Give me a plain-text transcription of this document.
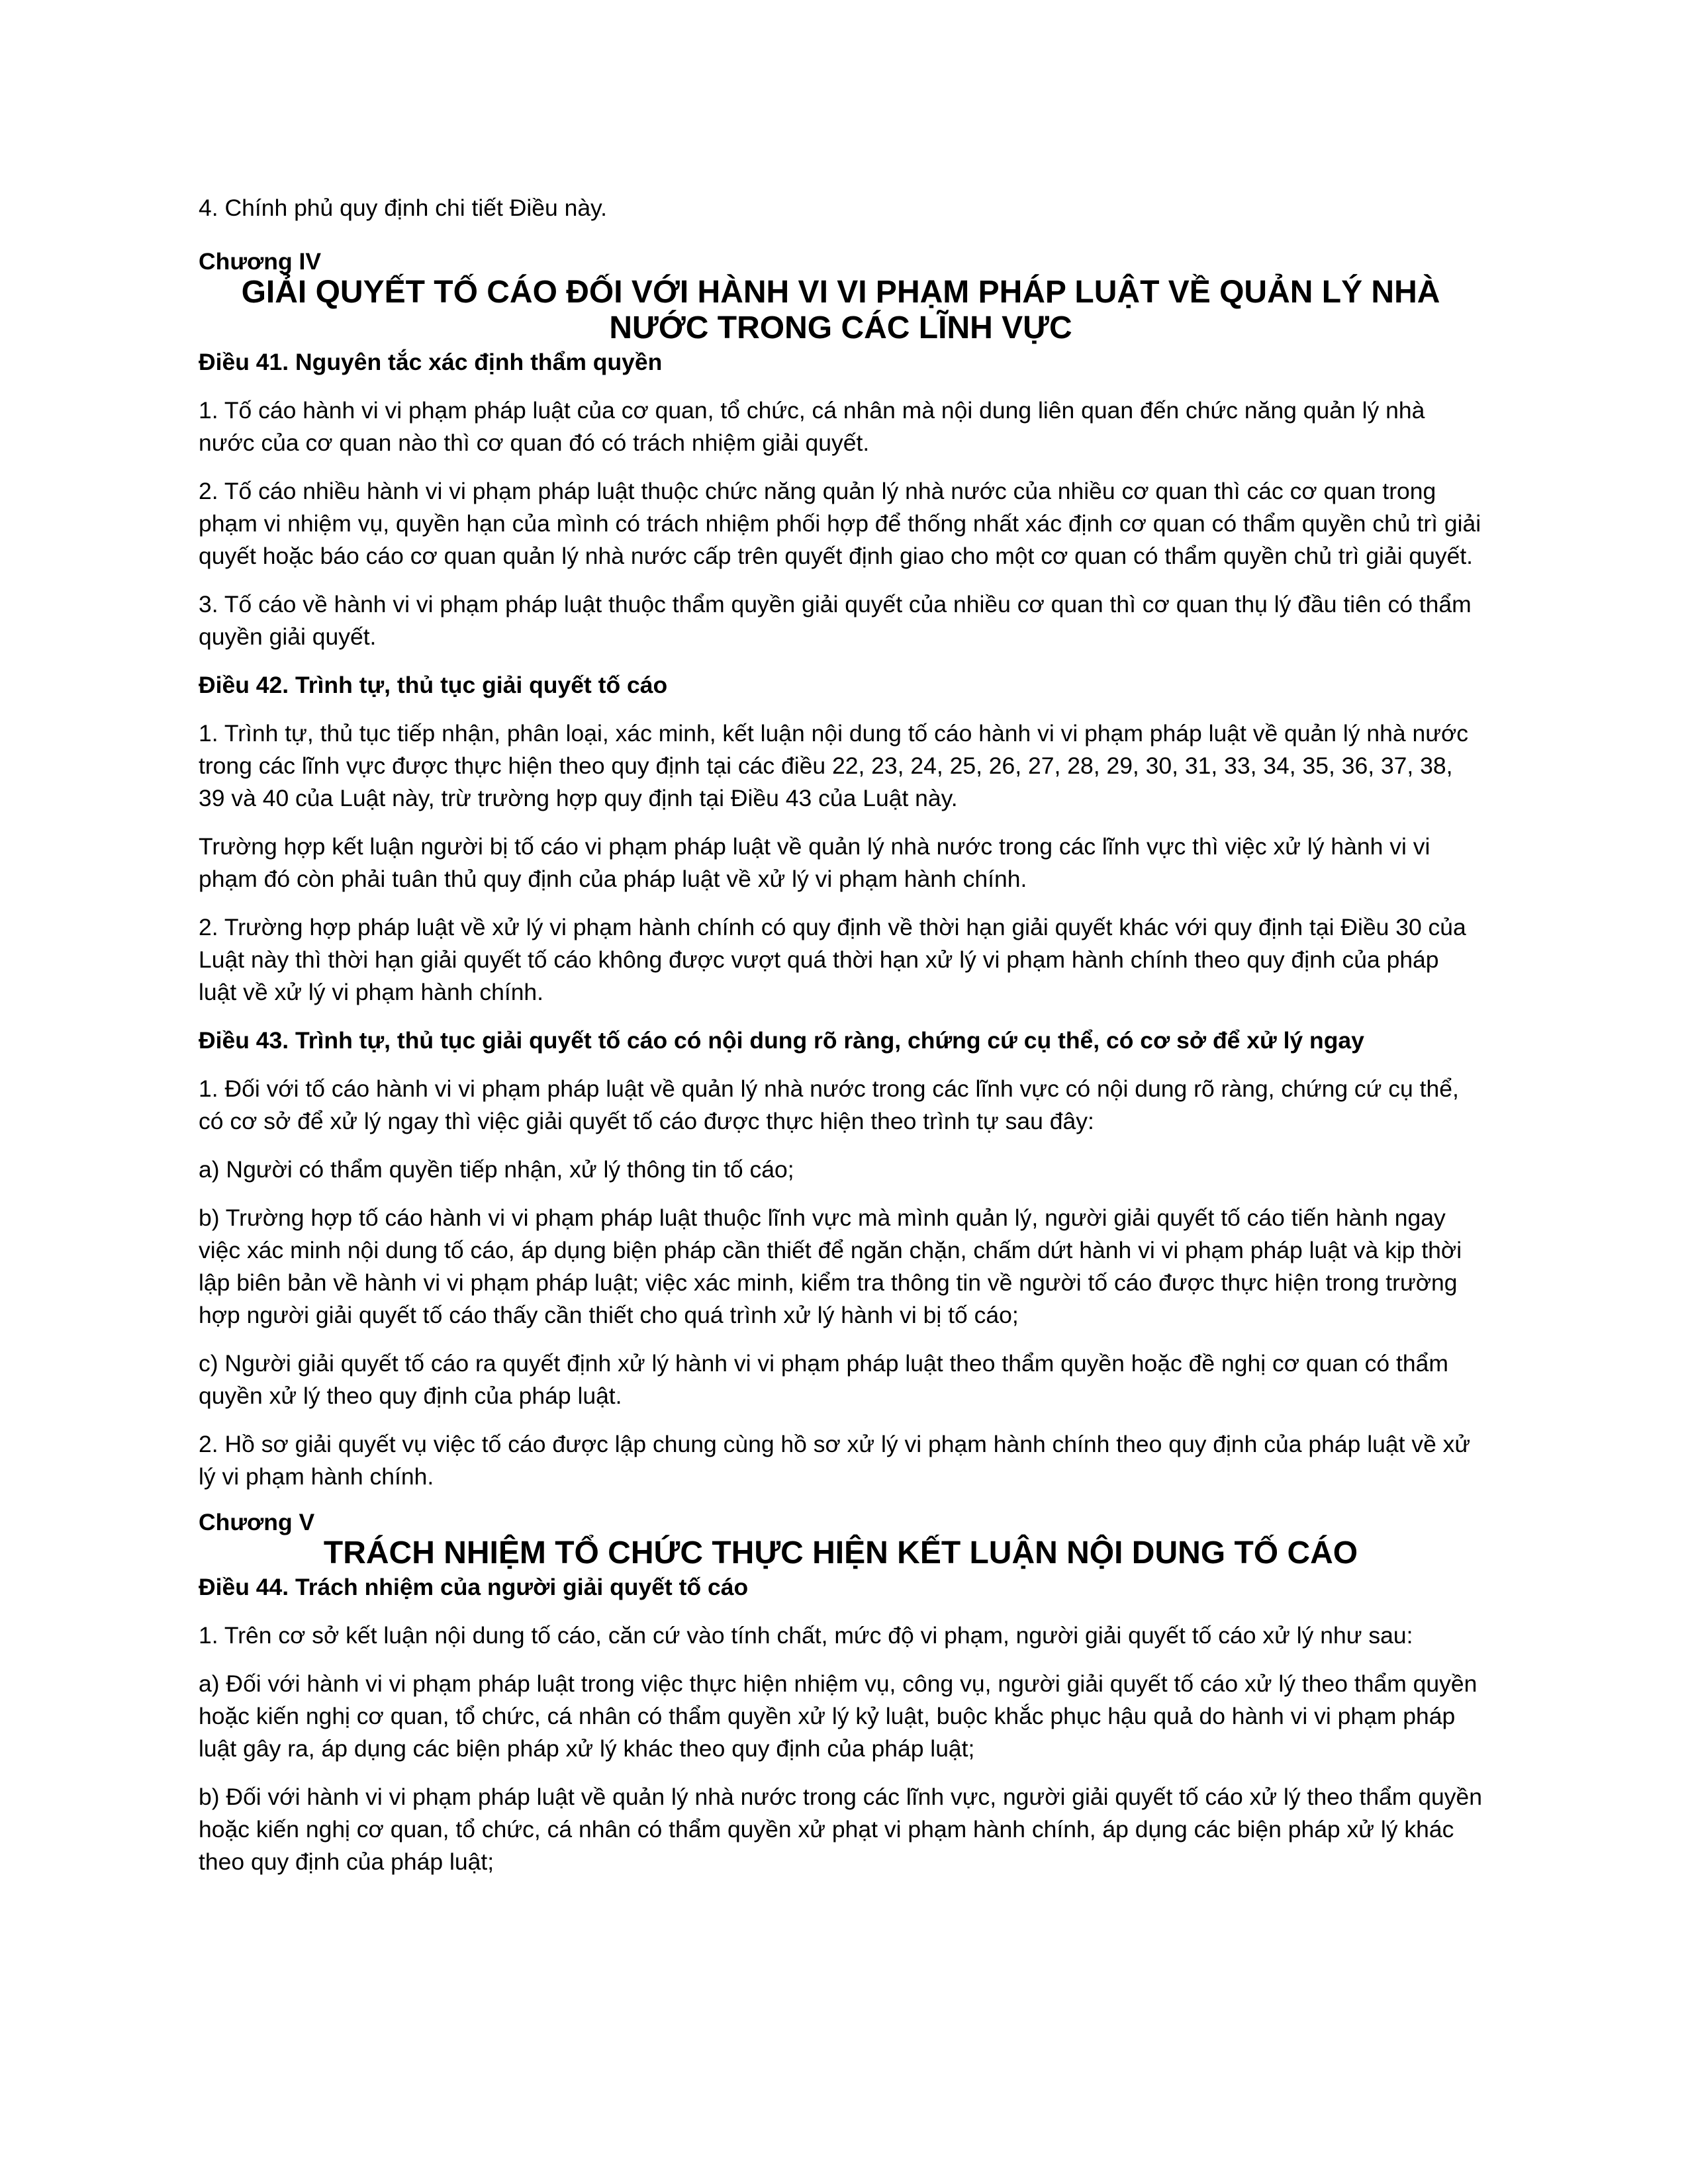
4. Chính phủ quy định chi tiết Điều này.

Chương IV

GIẢI QUYẾT TỐ CÁO ĐỐI VỚI HÀNH VI VI PHẠM PHÁP LUẬT VỀ QUẢN LÝ NHÀ NƯỚC TRONG CÁC LĨNH VỰC

Điều 41. Nguyên tắc xác định thẩm quyền

1. Tố cáo hành vi vi phạm pháp luật của cơ quan, tổ chức, cá nhân mà nội dung liên quan đến chức năng quản lý nhà nước của cơ quan nào thì cơ quan đó có trách nhiệm giải quyết.

2. Tố cáo nhiều hành vi vi phạm pháp luật thuộc chức năng quản lý nhà nước của nhiều cơ quan thì các cơ quan trong phạm vi nhiệm vụ, quyền hạn của mình có trách nhiệm phối hợp để thống nhất xác định cơ quan có thẩm quyền chủ trì giải quyết hoặc báo cáo cơ quan quản lý nhà nước cấp trên quyết định giao cho một cơ quan có thẩm quyền chủ trì giải quyết.

3. Tố cáo về hành vi vi phạm pháp luật thuộc thẩm quyền giải quyết của nhiều cơ quan thì cơ quan thụ lý đầu tiên có thẩm quyền giải quyết.

Điều 42. Trình tự, thủ tục giải quyết tố cáo

1. Trình tự, thủ tục tiếp nhận, phân loại, xác minh, kết luận nội dung tố cáo hành vi vi phạm pháp luật về quản lý nhà nước trong các lĩnh vực được thực hiện theo quy định tại các điều 22, 23, 24, 25, 26, 27, 28, 29, 30, 31, 33, 34, 35, 36, 37, 38, 39 và 40 của Luật này, trừ trường hợp quy định tại Điều 43 của Luật này.

Trường hợp kết luận người bị tố cáo vi phạm pháp luật về quản lý nhà nước trong các lĩnh vực thì việc xử lý hành vi vi phạm đó còn phải tuân thủ quy định của pháp luật về xử lý vi phạm hành chính.

2. Trường hợp pháp luật về xử lý vi phạm hành chính có quy định về thời hạn giải quyết khác với quy định tại Điều 30 của Luật này thì thời hạn giải quyết tố cáo không được vượt quá thời hạn xử lý vi phạm hành chính theo quy định của pháp luật về xử lý vi phạm hành chính.

Điều 43. Trình tự, thủ tục giải quyết tố cáo có nội dung rõ ràng, chứng cứ cụ thể, có cơ sở để xử lý ngay

1. Đối với tố cáo hành vi vi phạm pháp luật về quản lý nhà nước trong các lĩnh vực có nội dung rõ ràng, chứng cứ cụ thể, có cơ sở để xử lý ngay thì việc giải quyết tố cáo được thực hiện theo trình tự sau đây:

a) Người có thẩm quyền tiếp nhận, xử lý thông tin tố cáo;

b) Trường hợp tố cáo hành vi vi phạm pháp luật thuộc lĩnh vực mà mình quản lý, người giải quyết tố cáo tiến hành ngay việc xác minh nội dung tố cáo, áp dụng biện pháp cần thiết để ngăn chặn, chấm dứt hành vi vi phạm pháp luật và kịp thời lập biên bản về hành vi vi phạm pháp luật; việc xác minh, kiểm tra thông tin về người tố cáo được thực hiện trong trường hợp người giải quyết tố cáo thấy cần thiết cho quá trình xử lý hành vi bị tố cáo;

c) Người giải quyết tố cáo ra quyết định xử lý hành vi vi phạm pháp luật theo thẩm quyền hoặc đề nghị cơ quan có thẩm quyền xử lý theo quy định của pháp luật.

2. Hồ sơ giải quyết vụ việc tố cáo được lập chung cùng hồ sơ xử lý vi phạm hành chính theo quy định của pháp luật về xử lý vi phạm hành chính.

Chương V

TRÁCH NHIỆM TỔ CHỨC THỰC HIỆN KẾT LUẬN NỘI DUNG TỐ CÁO

Điều 44. Trách nhiệm của người giải quyết tố cáo

1. Trên cơ sở kết luận nội dung tố cáo, căn cứ vào tính chất, mức độ vi phạm, người giải quyết tố cáo xử lý như sau:

a) Đối với hành vi vi phạm pháp luật trong việc thực hiện nhiệm vụ, công vụ, người giải quyết tố cáo xử lý theo thẩm quyền hoặc kiến nghị cơ quan, tổ chức, cá nhân có thẩm quyền xử lý kỷ luật, buộc khắc phục hậu quả do hành vi vi phạm pháp luật gây ra, áp dụng các biện pháp xử lý khác theo quy định của pháp luật;

b) Đối với hành vi vi phạm pháp luật về quản lý nhà nước trong các lĩnh vực, người giải quyết tố cáo xử lý theo thẩm quyền hoặc kiến nghị cơ quan, tổ chức, cá nhân có thẩm quyền xử phạt vi phạm hành chính, áp dụng các biện pháp xử lý khác theo quy định của pháp luật;
